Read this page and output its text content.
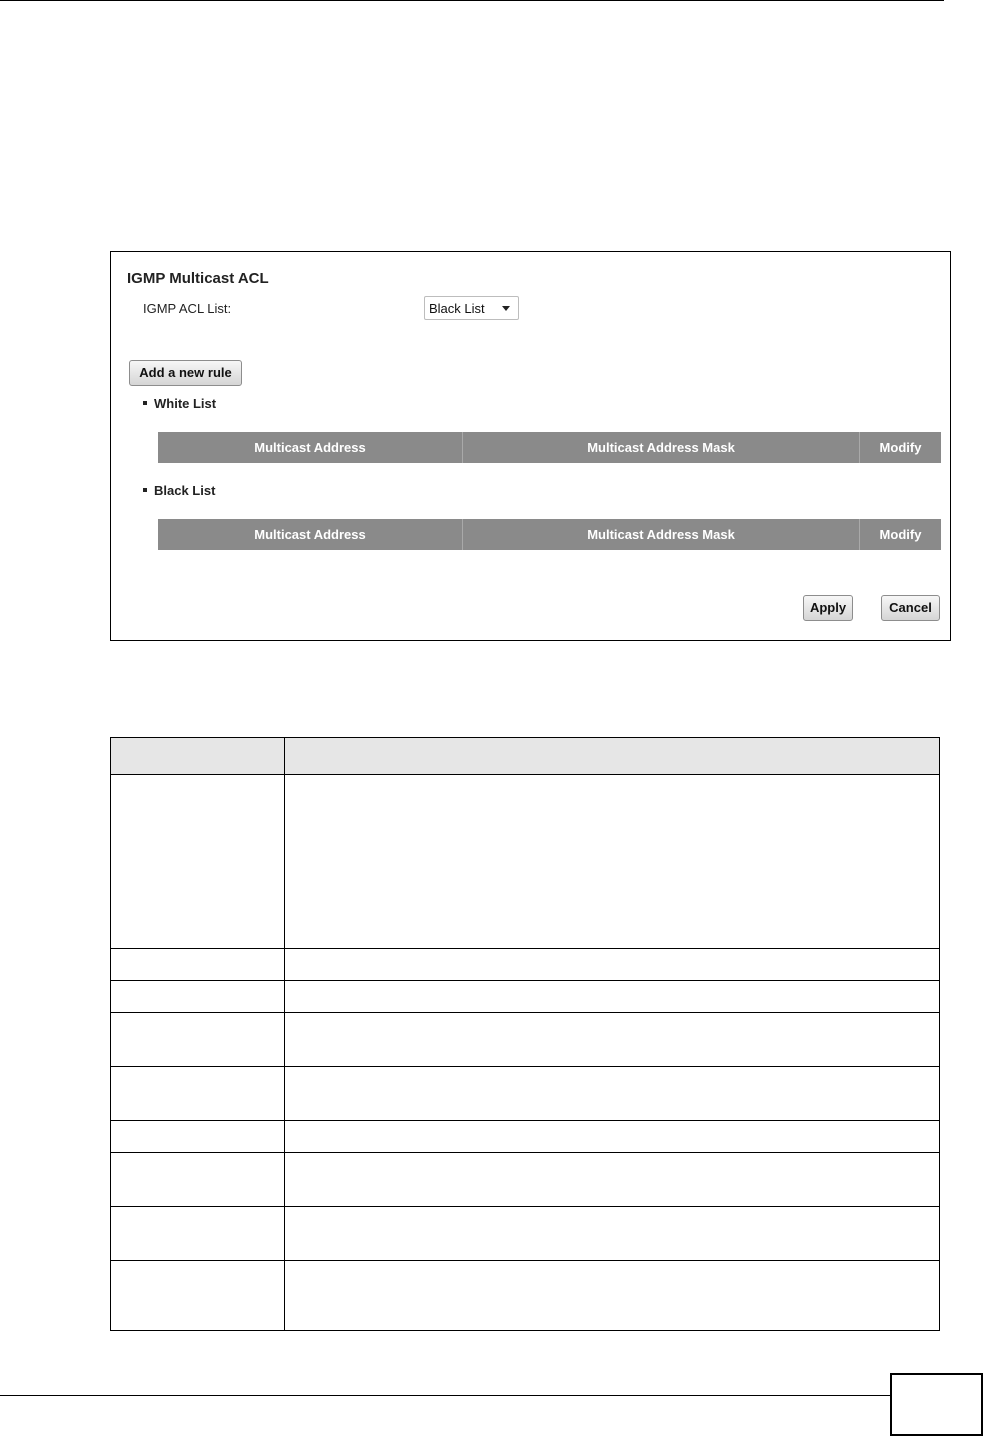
IGMP Multicast ACL
IGMP ACL List:	Black List
Add a new rule
White List
Multicast Address	Multicast Address Mask	Modify
Black List
Multicast Address	Multicast Address Mask	Modify
Apply	Cancel
